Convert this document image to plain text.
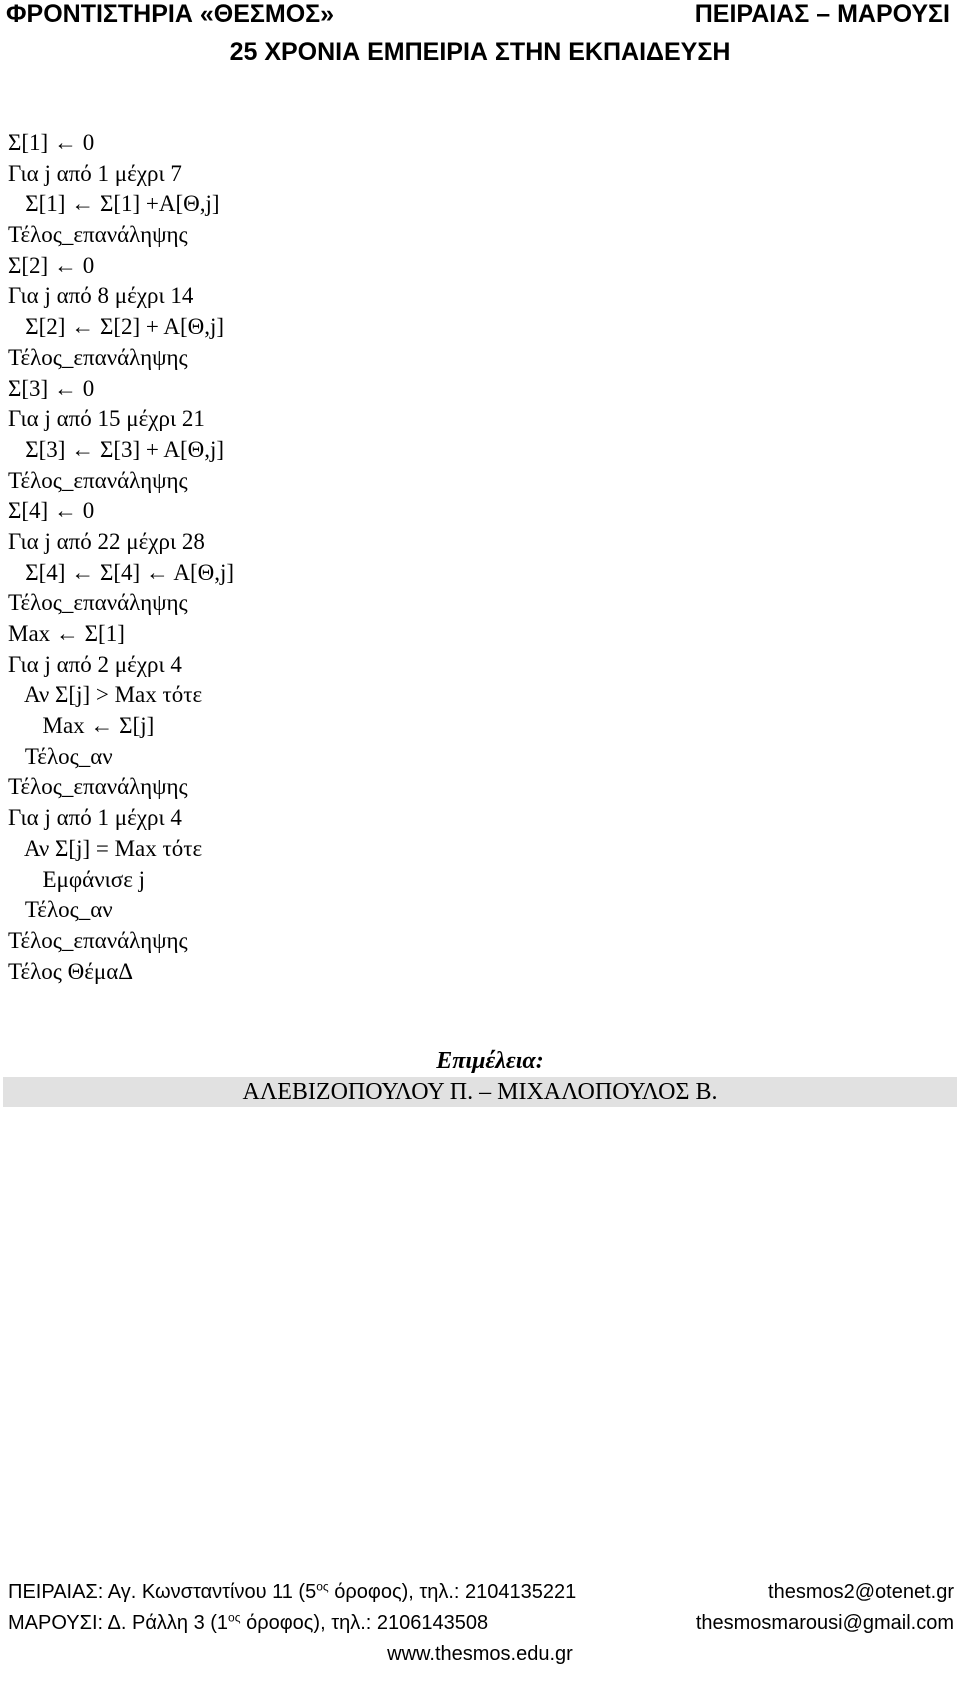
ΦΡΟΝΤΙΣΤΗΡΙΑ «ΘΕΣΜΟΣ»	ΠΕΙΡΑΙΑΣ – ΜΑΡΟΥΣΙ
25 ΧΡΟΝΙΑ ΕΜΠΕΙΡΙΑ ΣΤΗΝ ΕΚΠΑΙΔΕΥΣΗ
Σ[1] ← 0
Για j από 1 μέχρι 7
Σ[1] ← Σ[1] +Α[Θ,j]
Τέλος_επανάληψης
Σ[2] ← 0
Για j από 8 μέχρι 14
Σ[2] ← Σ[2] + Α[Θ,j]
Τέλος_επανάληψης
Σ[3] ← 0
Για j από 15 μέχρι 21
Σ[3] ← Σ[3] + Α[Θ,j]
Τέλος_επανάληψης
Σ[4] ← 0
Για j από 22 μέχρι 28
Σ[4] ← Σ[4] ← Α[Θ,j]
Τέλος_επανάληψης
Max ← Σ[1]
Για j από 2 μέχρι 4
Αν Σ[j] > Max τότε
Max ← Σ[j]
Τέλος_αν
Τέλος_επανάληψης
Για j από 1 μέχρι 4
Αν Σ[j] = Max τότε
Εμφάνισε j
Τέλος_αν
Τέλος_επανάληψης
Τέλος ΘέμαΔ
Επιμέλεια:
ΑΛΕΒΙΖΟΠΟΥΛΟΥ Π. – ΜΙΧΑΛΟΠΟΥΛΟΣ Β.
ΠΕΙΡΑΙΑΣ: Αγ. Κωνσταντίνου 11 ($5^{o\varsigma}$ όροφος), τηλ.: 2104135221	thesmos2@otenet.gr
ΜΑΡΟΥΣΙ: Δ. Ράλλη 3 ($1^{o\varsigma}$ όροφος), τηλ.: 2106143508	thesmosmarousi@gmail.com
www.thesmos.edu.gr
